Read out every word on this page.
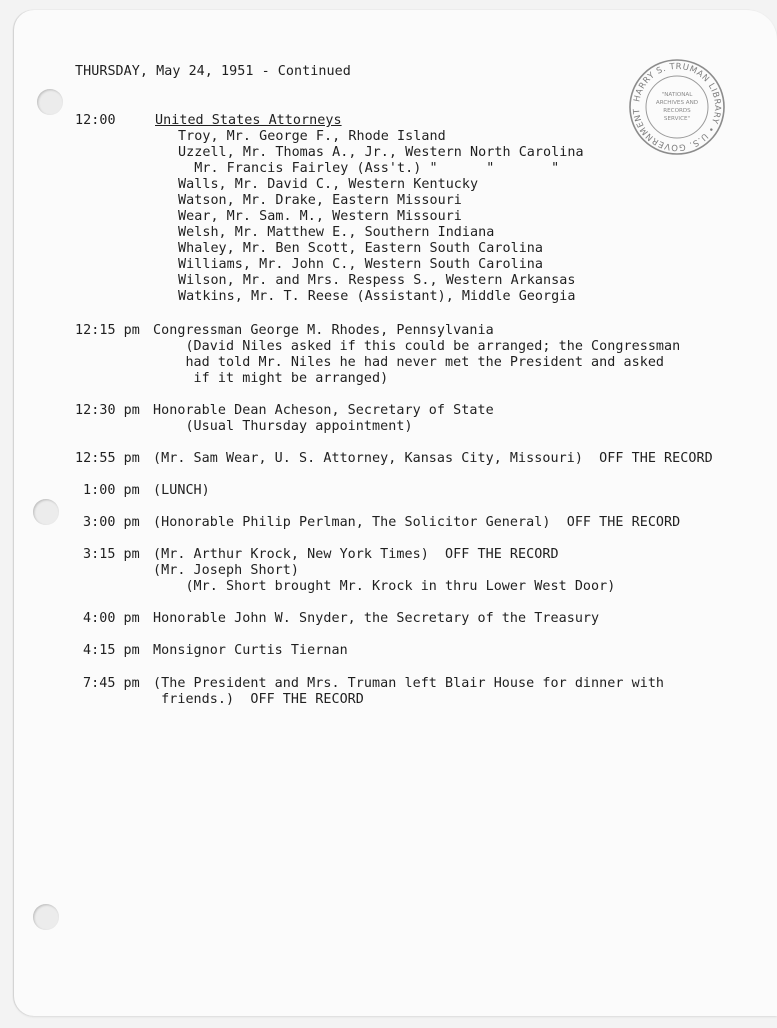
HARRY S. TRUMAN LIBRARY • U.S. GOVERNMENT
"NATIONAL
ARCHIVES AND
RECORDS
SERVICE"
THURSDAY, May 24, 1951 - Continued
12:00	United States Attorneys
Troy, Mr. George F., Rhode Island
Uzzell, Mr. Thomas A., Jr., Western North Carolina
Mr. Francis Fairley (Ass't.) "      "       "
Walls, Mr. David C., Western Kentucky
Watson, Mr. Drake, Eastern Missouri
Wear, Mr. Sam. M., Western Missouri
Welsh, Mr. Matthew E., Southern Indiana
Whaley, Mr. Ben Scott, Eastern South Carolina
Williams, Mr. John C., Western South Carolina
Wilson, Mr. and Mrs. Respess S., Western Arkansas
Watkins, Mr. T. Reese (Assistant), Middle Georgia
12:15 pm Congressman George M. Rhodes, Pennsylvania
(David Niles asked if this could be arranged; the Congressman
had told Mr. Niles he had never met the President and asked
if it might be arranged)
12:30 pm Honorable Dean Acheson, Secretary of State
(Usual Thursday appointment)
12:55 pm (Mr. Sam Wear, U. S. Attorney, Kansas City, Missouri)  OFF THE RECORD
1:00 pm (LUNCH)
3:00 pm (Honorable Philip Perlman, The Solicitor General)  OFF THE RECORD
3:15 pm (Mr. Arthur Krock, New York Times)  OFF THE RECORD
(Mr. Joseph Short)
(Mr. Short brought Mr. Krock in thru Lower West Door)
4:00 pm Honorable John W. Snyder, the Secretary of the Treasury
4:15 pm Monsignor Curtis Tiernan
7:45 pm (The President and Mrs. Truman left Blair House for dinner with
friends.)  OFF THE RECORD
